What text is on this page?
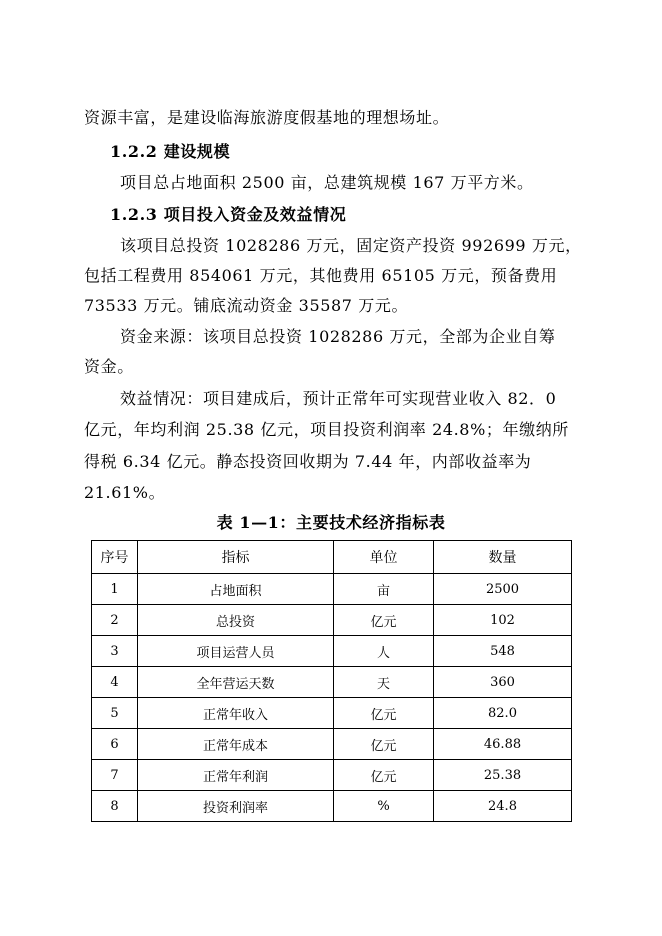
资源丰富，是建设临海旅游度假基地的理想场址。
1.2.2 建设规模
项目总占地面积 2500 亩，总建筑规模 167 万平方米。
1.2.3 项目投入资金及效益情况
该项目总投资 1028286 万元，固定资产投资 992699 万元，
包括工程费用 854061 万元，其他费用 65105 万元，预备费用
73533 万元。铺底流动资金 35587 万元。
资金来源：该项目总投资 1028286 万元，全部为企业自筹
资金。
效益情况：项目建成后，预计正常年可实现营业收入 82．0
亿元，年均利润 25.38 亿元，项目投资利润率 24.8%；年缴纳所
得税 6.34 亿元。静态投资回收期为 7.44 年，内部收益率为
21.61%。
表 1—1：主要技术经济指标表
序号	指标	单位	数量
1	占地面积	亩	2500
2	总投资	亿元	102
3	项目运营人员	人	548
4	全年营运天数	天	360
5	正常年收入	亿元	82.0
6	正常年成本	亿元	46.88
7	正常年利润	亿元	25.38
8	投资利润率	%	24.8
